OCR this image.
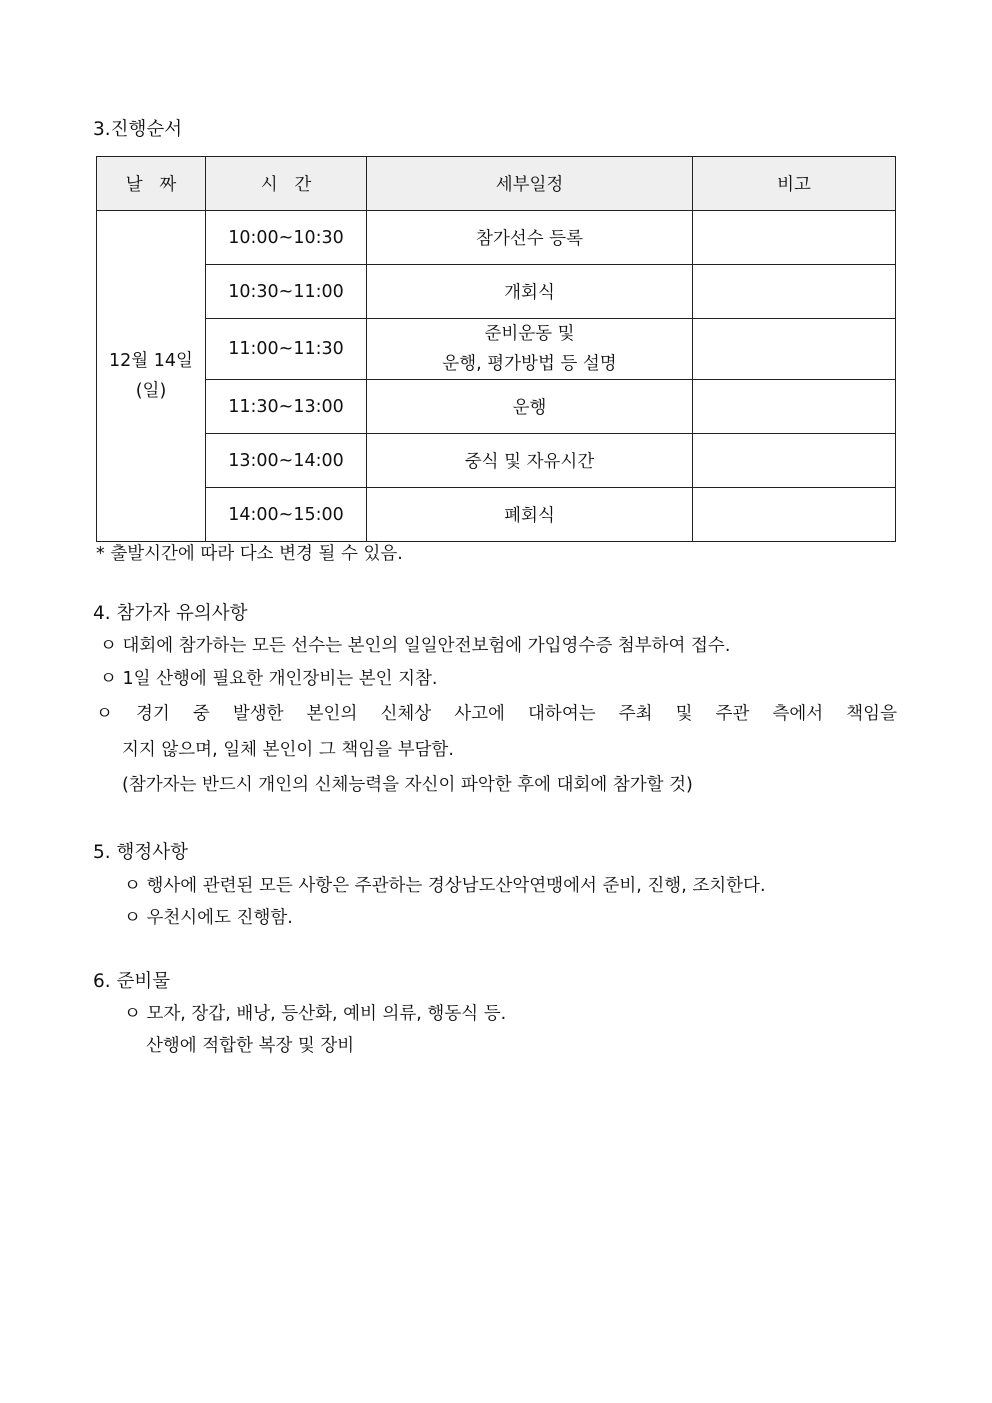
3.진행순서
날   짜	시   간	세부일정	비고

12월 14일
(일)	10:00~10:30	참가선수 등록	
	10:30~11:00	개회식	
	11:00~11:30	준비운동 및
운행, 평가방법 등 설명	

	11:30~13:00	운행	
	13:00~14:00	중식 및 자유시간	
	14:00~15:00	폐회식	
* 출발시간에 따라 다소 변경 될 수 있음.
4. 참가자 유의사항
ㅇ 대회에 참가하는 모든 선수는 본인의 일일안전보험에 가입영수증 첨부하여 접수.
ㅇ 1일 산행에 필요한 개인장비는 본인 지참.
ㅇ 경기 중 발생한 본인의 신체상 사고에 대하여는 주최 및 주관 측에서 책임을
지지 않으며, 일체 본인이 그 책임을 부담함.
(참가자는 반드시 개인의 신체능력을 자신이 파악한 후에 대회에 참가할 것)
5. 행정사항
ㅇ 행사에 관련된 모든 사항은 주관하는 경상남도산악연맹에서 준비, 진행, 조치한다.
ㅇ 우천시에도 진행함.
6. 준비물
ㅇ 모자, 장갑, 배낭, 등산화, 예비 의류, 행동식 등.
산행에 적합한 복장 및 장비
